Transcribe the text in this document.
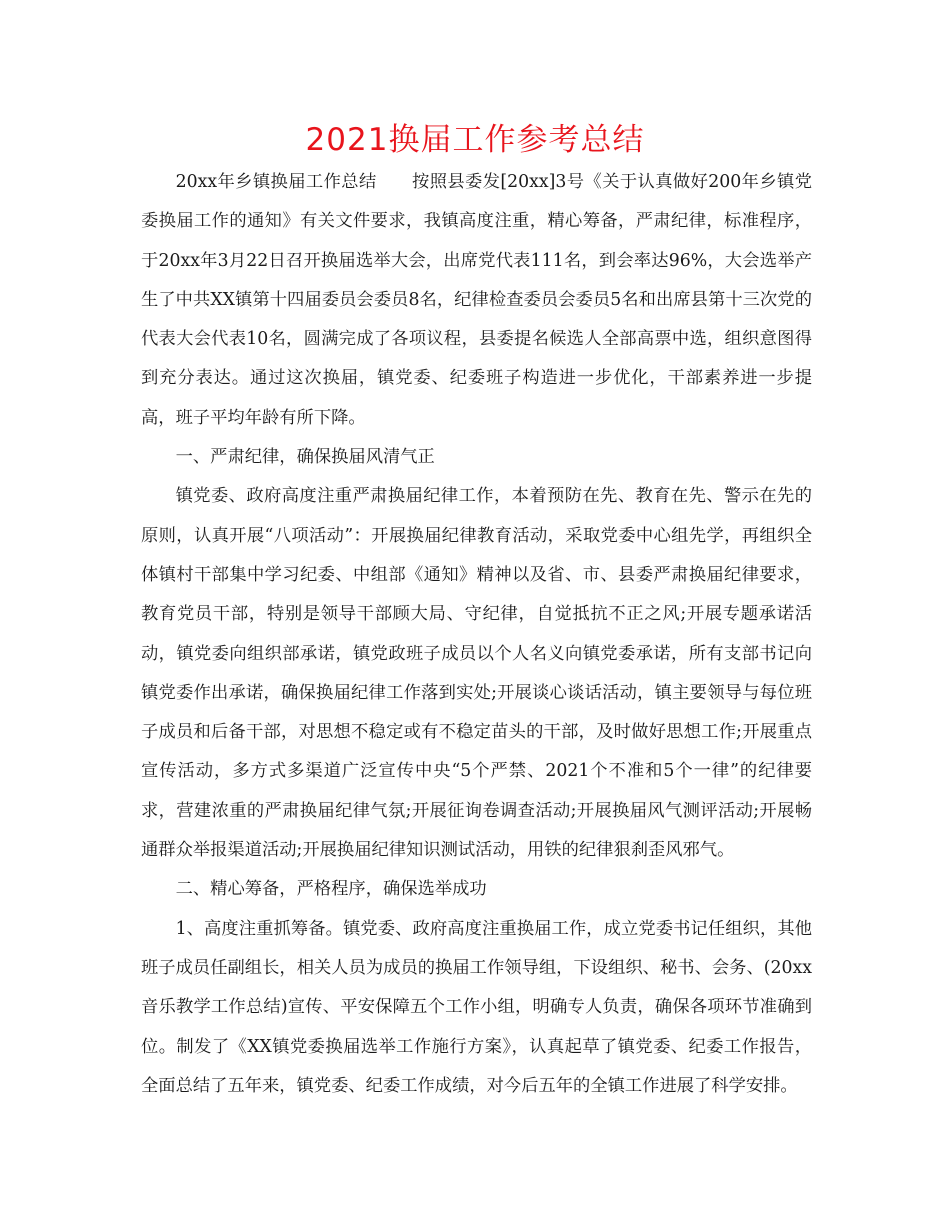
2021换届工作参考总结

20xx年乡镇换届工作总结　　按照县委发[20xx]3号《关于认真做好200年乡镇党委换届工作的通知》有关文件要求，我镇高度注重，精心筹备，严肃纪律，标准程序，于20xx年3月22日召开换届选举大会，出席党代表111名，到会率达96%，大会选举产生了中共XX镇第十四届委员会委员8名，纪律检查委员会委员5名和出席县第十三次党的代表大会代表10名，圆满完成了各项议程，县委提名候选人全部高票中选，组织意图得到充分表达。通过这次换届，镇党委、纪委班子构造进一步优化，干部素养进一步提高，班子平均年龄有所下降。

一、严肃纪律，确保换届风清气正

镇党委、政府高度注重严肃换届纪律工作，本着预防在先、教育在先、警示在先的原则，认真开展“八项活动”：开展换届纪律教育活动，采取党委中心组先学，再组织全体镇村干部集中学习纪委、中组部《通知》精神以及省、市、县委严肃换届纪律要求，教育党员干部，特别是领导干部顾大局、守纪律，自觉抵抗不正之风;开展专题承诺活动，镇党委向组织部承诺，镇党政班子成员以个人名义向镇党委承诺，所有支部书记向镇党委作出承诺，确保换届纪律工作落到实处;开展谈心谈话活动，镇主要领导与每位班子成员和后备干部，对思想不稳定或有不稳定苗头的干部，及时做好思想工作;开展重点宣传活动，多方式多渠道广泛宣传中央“5个严禁、2021个不准和5个一律”的纪律要求，营建浓重的严肃换届纪律气氛;开展征询卷调查活动;开展换届风气测评活动;开展畅通群众举报渠道活动;开展换届纪律知识测试活动，用铁的纪律狠刹歪风邪气。

二、精心筹备，严格程序，确保选举成功

1、高度注重抓筹备。镇党委、政府高度注重换届工作，成立党委书记任组织，其他班子成员任副组长，相关人员为成员的换届工作领导组，下设组织、秘书、会务、(20xx音乐教学工作总结)宣传、平安保障五个工作小组，明确专人负责，确保各项环节准确到位。制发了《XX镇党委换届选举工作施行方案》，认真起草了镇党委、纪委工作报告，全面总结了五年来，镇党委、纪委工作成绩，对今后五年的全镇工作进展了科学安排。
